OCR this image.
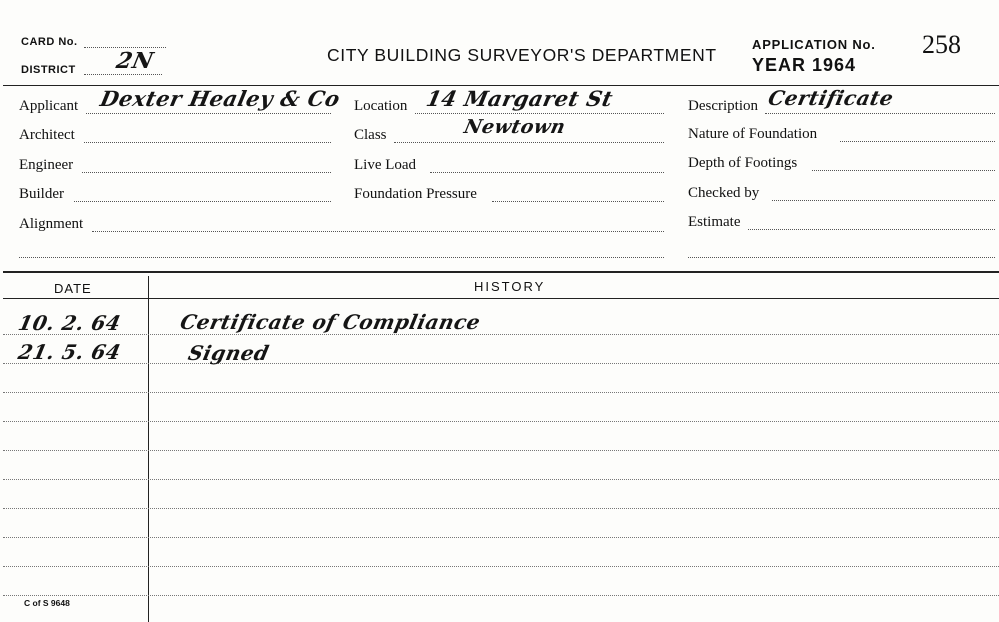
CARD No.
DISTRICT 2N	CITY BUILDING SURVEYOR'S DEPARTMENT
APPLICATION No. 258
YEAR 1964
Applicant Dexter Healey & Co
Architect
Engineer
Builder
Alignment
Location 14 Margaret St
Class	Newtown
Live Load
Foundation Pressure
Description Certificate
Nature of Foundation
Depth of Footings
Checked by
Estimate
DATE	HISTORY
10. 2. 64	Certificate of Compliance
21. 5. 64	Signed
C of S 9648
